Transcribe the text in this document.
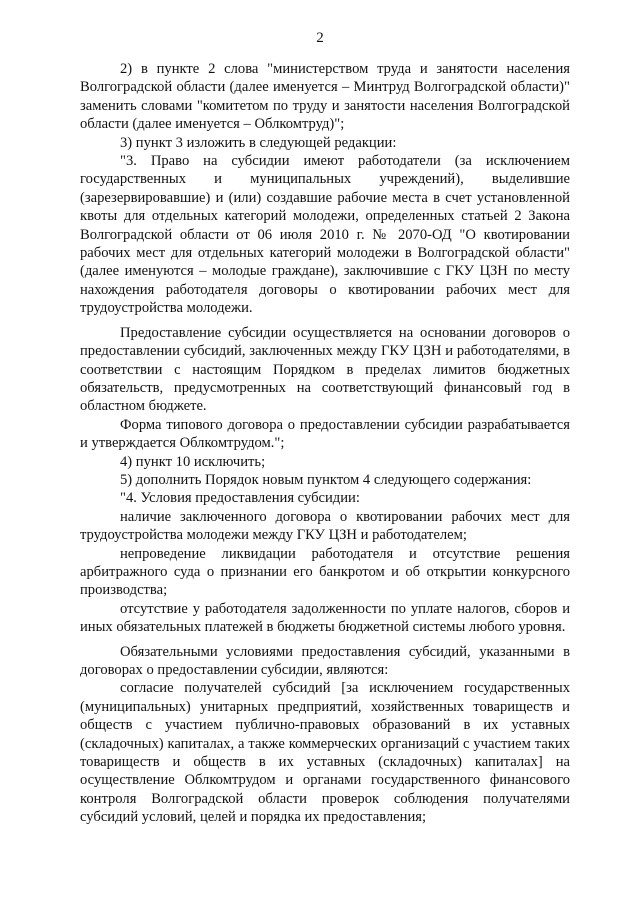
2

2) в пункте 2 слова "министерством труда и занятости населения Волгоградской области (далее именуется – Минтруд Волгоградской области)" заменить словами "комитетом по труду и занятости населения Волгоградской области (далее именуется – Облкомтруд)";

3) пункт 3 изложить в следующей редакции:

"3. Право на субсидии имеют работодатели (за исключением государственных и муниципальных учреждений), выделившие (зарезервировавшие) и (или) создавшие рабочие места в счет установленной квоты для отдельных категорий молодежи, определенных статьей 2 Закона Волгоградской области от 06 июля 2010 г. № 2070-ОД "О квотировании рабочих мест для отдельных категорий молодежи в Волгоградской области" (далее именуются – молодые граждане), заключившие с ГКУ ЦЗН по месту нахождения работодателя договоры о квотировании рабочих мест для трудоустройства молодежи.

Предоставление субсидии осуществляется на основании договоров о предоставлении субсидий, заключенных между ГКУ ЦЗН и работодателями, в соответствии с настоящим Порядком в пределах лимитов бюджетных обязательств, предусмотренных на соответствующий финансовый год в областном бюджете.

Форма типового договора о предоставлении субсидии разрабатывается и утверждается Облкомтрудом.";

4) пункт 10 исключить;

5) дополнить Порядок новым пунктом 4 следующего содержания:

"4. Условия предоставления субсидии:

наличие заключенного договора о квотировании рабочих мест для трудоустройства молодежи между ГКУ ЦЗН и работодателем;

непроведение ликвидации работодателя и отсутствие решения арбитражного суда о признании его банкротом и об открытии конкурсного производства;

отсутствие у работодателя задолженности по уплате налогов, сборов и иных обязательных платежей в бюджеты бюджетной системы любого уровня.

Обязательными условиями предоставления субсидий, указанными в договорах о предоставлении субсидии, являются:

согласие получателей субсидий [за исключением государственных (муниципальных) унитарных предприятий, хозяйственных товариществ и обществ с участием публично-правовых образований в их уставных (складочных) капиталах, а также коммерческих организаций с участием таких товариществ и обществ в их уставных (складочных) капиталах] на осуществление Облкомтрудом и органами государственного финансового контроля Волгоградской области проверок соблюдения получателями субсидий условий, целей и порядка их предоставления;
